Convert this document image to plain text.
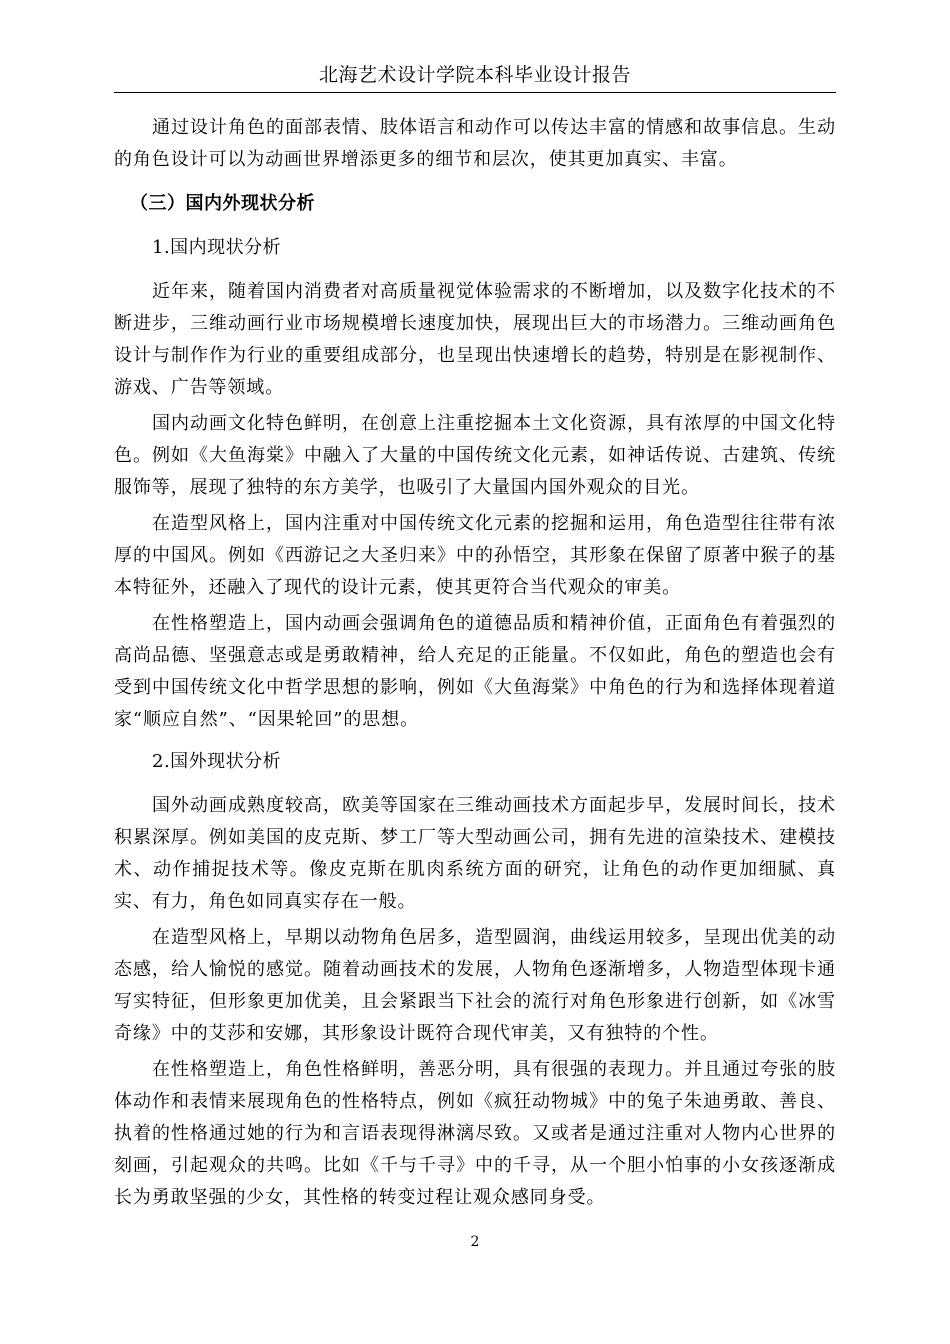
北海艺术设计学院本科毕业设计报告

通过设计角色的面部表情、肢体语言和动作可以传达丰富的情感和故事信息。生动的角色设计可以为动画世界增添更多的细节和层次，使其更加真实、丰富。

（三）国内外现状分析
1.国内现状分析

近年来，随着国内消费者对高质量视觉体验需求的不断增加，以及数字化技术的不断进步，三维动画行业市场规模增长速度加快，展现出巨大的市场潜力。三维动画角色设计与制作作为行业的重要组成部分，也呈现出快速增长的趋势，特别是在影视制作、游戏、广告等领域。

国内动画文化特色鲜明，在创意上注重挖掘本土文化资源，具有浓厚的中国文化特色。例如《大鱼海棠》中融入了大量的中国传统文化元素，如神话传说、古建筑、传统服饰等，展现了独特的东方美学，也吸引了大量国内国外观众的目光。

在造型风格上，国内注重对中国传统文化元素的挖掘和运用，角色造型往往带有浓厚的中国风。例如《西游记之大圣归来》中的孙悟空，其形象在保留了原著中猴子的基本特征外，还融入了现代的设计元素，使其更符合当代观众的审美。

在性格塑造上，国内动画会强调角色的道德品质和精神价值，正面角色有着强烈的高尚品德、坚强意志或是勇敢精神，给人充足的正能量。不仅如此，角色的塑造也会有受到中国传统文化中哲学思想的影响，例如《大鱼海棠》中角色的行为和选择体现着道家“顺应自然”、“因果轮回”的思想。

2.国外现状分析

国外动画成熟度较高，欧美等国家在三维动画技术方面起步早，发展时间长，技术积累深厚。例如美国的皮克斯、梦工厂等大型动画公司，拥有先进的渲染技术、建模技术、动作捕捉技术等。像皮克斯在肌肉系统方面的研究，让角色的动作更加细腻、真实、有力，角色如同真实存在一般。

在造型风格上，早期以动物角色居多，造型圆润，曲线运用较多，呈现出优美的动态感，给人愉悦的感觉。随着动画技术的发展，人物角色逐渐增多，人物造型体现卡通写实特征，但形象更加优美，且会紧跟当下社会的流行对角色形象进行创新，如《冰雪奇缘》中的艾莎和安娜，其形象设计既符合现代审美，又有独特的个性。

在性格塑造上，角色性格鲜明，善恶分明，具有很强的表现力。并且通过夸张的肢体动作和表情来展现角色的性格特点，例如《疯狂动物城》中的兔子朱迪勇敢、善良、执着的性格通过她的行为和言语表现得淋漓尽致。又或者是通过注重对人物内心世界的刻画，引起观众的共鸣。比如《千与千寻》中的千寻，从一个胆小怕事的小女孩逐渐成长为勇敢坚强的少女，其性格的转变过程让观众感同身受。

2
